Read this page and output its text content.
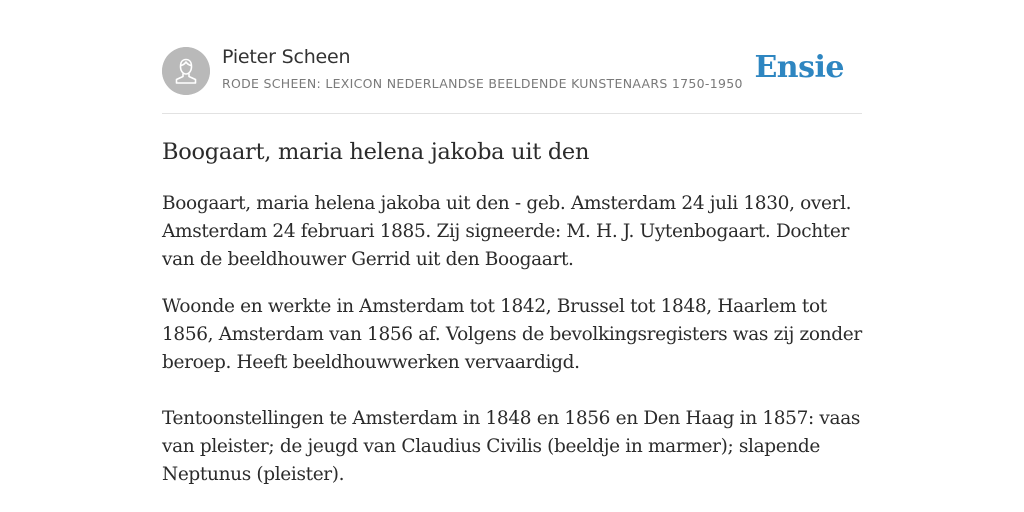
Pieter Scheen
RODE SCHEEN: LEXICON NEDERLANDSE BEELDENDE KUNSTENAARS 1750-1950 Ensie
Boogaart, maria helena jakoba uit den

Boogaart, maria helena jakoba uit den - geb. Amsterdam 24 juli 1830, overl. Amsterdam 24 februari 1885. Zij signeerde: M. H. J. Uytenbogaart. Dochter van de beeldhouwer Gerrid uit den Boogaart.

Woonde en werkte in Amsterdam tot 1842, Brussel tot 1848, Haarlem tot 1856, Amsterdam van 1856 af. Volgens de bevolkingsregisters was zij zonder beroep. Heeft beeldhouwwerken vervaardigd.

Tentoonstellingen te Amsterdam in 1848 en 1856 en Den Haag in 1857: vaas van pleister; de jeugd van Claudius Civilis (beeldje in marmer); slapende Neptunus (pleister).
